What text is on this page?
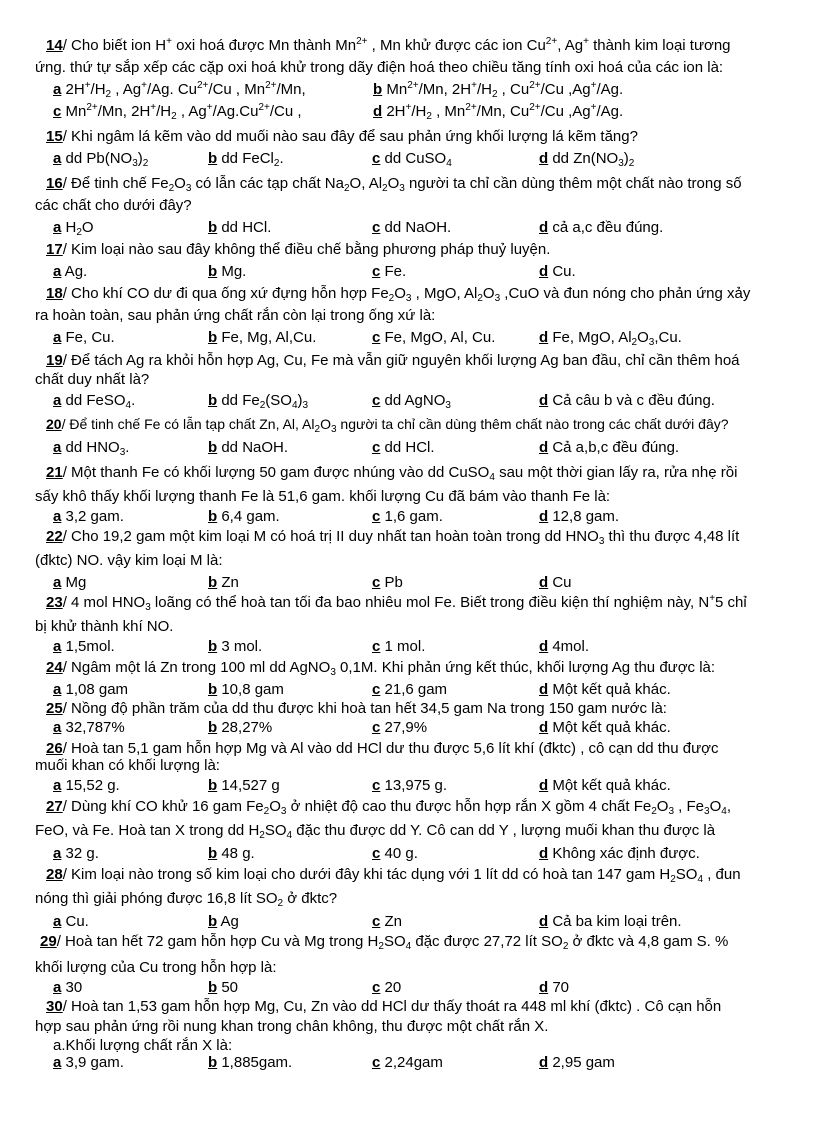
14/ Cho biết ion H+ oxi hoá được Mn thành $Mn^{2+}$ , Mn khử được các ion $Cu^{2+}$, Ag+ thành kim loại tương
ứng. thứ tự sắp xếp các cặp oxi hoá khử trong dãy điện hoá theo chiều tăng tính oxi hoá của các ion là:
a $2H^+/H_2$ , Ag+/Ag. $Cu^{2+}/Cu$ , $Mn^{2+}/Mn$,	b $Mn^{2+}/Mn$, $2H^+/H_2$ , $Cu^{2+}/Cu$ ,Ag+/Ag.
c $Mn^{2+}/Mn$, $2H^+/H_2$ , $Ag^+/Ag.Cu^{2+}/Cu$ ,	d $2H^+/H_2$ , $Mn^{2+}/Mn$, $Cu^{2+}/Cu$ ,Ag+/Ag.
15/ Khi ngâm lá kẽm vào dd muối nào sau đây để sau phản ứng khối lượng lá kẽm tăng?
a dd $Pb(NO_3)_2$	b dd FeCl$_2$.	c dd CuSO$_4$	d dd $Zn(NO_3)_2$
16/ Để tinh chế $Fe_2O_3$ có lẫn các tạp chất $Na_2O$, $Al_2O_3$ người ta chỉ cần dùng thêm một chất nào trong số
các chất cho dưới đây?
a $H_2O$	b dd HCl.	c dd NaOH.	d cả a,c đều đúng.
17/ Kim loại nào sau đây không thể điều chế bằng phương pháp thuỷ luyện.
a Ag.	b Mg.	c Fe.	d Cu.
18/ Cho khí CO dư đi qua ống xứ đựng hỗn hợp $Fe_2O_3$ , MgO, $Al_2O_3$ ,CuO và đun nóng cho phản ứng xảy
ra hoàn toàn, sau phản ứng chất rắn còn lại trong ống xứ là:
a Fe, Cu.	b Fe, Mg, Al,Cu.	c Fe, MgO, Al, Cu.	d Fe, MgO, $Al_2O_3,Cu$.
19/ Để tách Ag ra khỏi hỗn hợp Ag, Cu, Fe mà vẫn giữ nguyên khối lượng Ag ban đầu, chỉ cần thêm hoá
chất duy nhất là?
a dd FeSO$_4$.	b dd $Fe_2(SO_4)_3$	c dd AgNO$_3$	d Cả câu b và c đều đúng.
20/ Để tinh chế Fe có lẫn tạp chất Zn, Al, $Al_2O_3$ người ta chỉ cần dùng thêm chất nào trong các chất dưới đây?
a dd $HNO_3$.	b dd NaOH.	c dd HCl.	d Cả a,b,c đều đúng.
21/ Một thanh Fe có khối lượng 50 gam được nhúng vào dd CuSO$_4$ sau một thời gian lấy ra, rửa nhẹ rồi
sấy khô thấy khối lượng thanh Fe là 51,6 gam. khối lượng Cu đã bám vào thanh Fe là:
a 3,2 gam.	b 6,4 gam.	c 1,6 gam.	d 12,8 gam.
22/ Cho 19,2 gam một kim loại M có hoá trị II duy nhất tan hoàn toàn trong dd $HNO_3$ thì thu được 4,48 lít
(đktc) NO. vậy kim loại M là:
a Mg	b Zn	c Pb	d Cu
23/ 4 mol $HNO_3$ loãng có thể hoà tan tối đa bao nhiêu mol Fe. Biết trong điều kiện thí nghiệm này, N+5 chỉ
bị khử thành khí NO.
a 1,5mol.	b 3 mol.	c 1 mol.	d 4mol.
24/ Ngâm một lá Zn trong 100 ml dd AgNO$_3$ 0,1M. Khi phản ứng kết thúc, khối lượng Ag thu được là:
a 1,08 gam	b 10,8 gam	c 21,6 gam	d Một kết quả khác.
25/ Nồng độ phần trăm của dd thu được khi hoà tan hết 34,5 gam Na trong 150 gam nước là:
a 32,787%	b 28,27%	c 27,9%	d Một kết quả khác.
26/ Hoà tan 5,1 gam hỗn hợp Mg và Al vào dd HCl dư thu được 5,6 lít khí (đktc) , cô cạn dd thu được
muối khan có khối lượng là:
a 15,52 g.	b 14,527 g	c 13,975 g.	d Một kết quả khác.
27/ Dùng khí CO khử 16 gam $Fe_2O_3$ ở nhiệt độ cao thu được hỗn hợp rắn X gồm 4 chất $Fe_2O_3$ , $Fe_3O_4$,
FeO, và Fe. Hoà tan X trong dd $H_2SO_4$ đặc thu được dd Y. Cô can dd Y , lượng muối khan thu được là
a 32 g.	b 48 g.	c 40 g.	d Không xác định được.
28/ Kim loại nào trong số kim loại cho dưới đây khi tác dụng với 1 lít dd có hoà tan 147 gam $H_2SO_4$ , đun
nóng thì giải phóng được 16,8 lít $SO_2$ ở đktc?
a Cu.	b Ag	c Zn	d Cả ba kim loại trên.
29/ Hoà tan hết 72 gam hỗn hợp Cu và Mg trong $H_2SO_4$ đặc được 27,72 lít $SO_2$ ở đktc và 4,8 gam S. %
khối lượng của Cu trong hỗn hợp là:
a 30	b 50	c 20	d 70
30/ Hoà tan 1,53 gam hỗn hợp Mg, Cu, Zn vào dd HCl dư thấy thoát ra 448 ml khí (đktc) . Cô cạn hỗn
hợp sau phản ứng rồi nung khan trong chân không, thu được một chất rắn X.
a.Khối lượng chất rắn X là:
a 3,9 gam.	b 1,885gam.	c 2,24gam	d 2,95 gam
